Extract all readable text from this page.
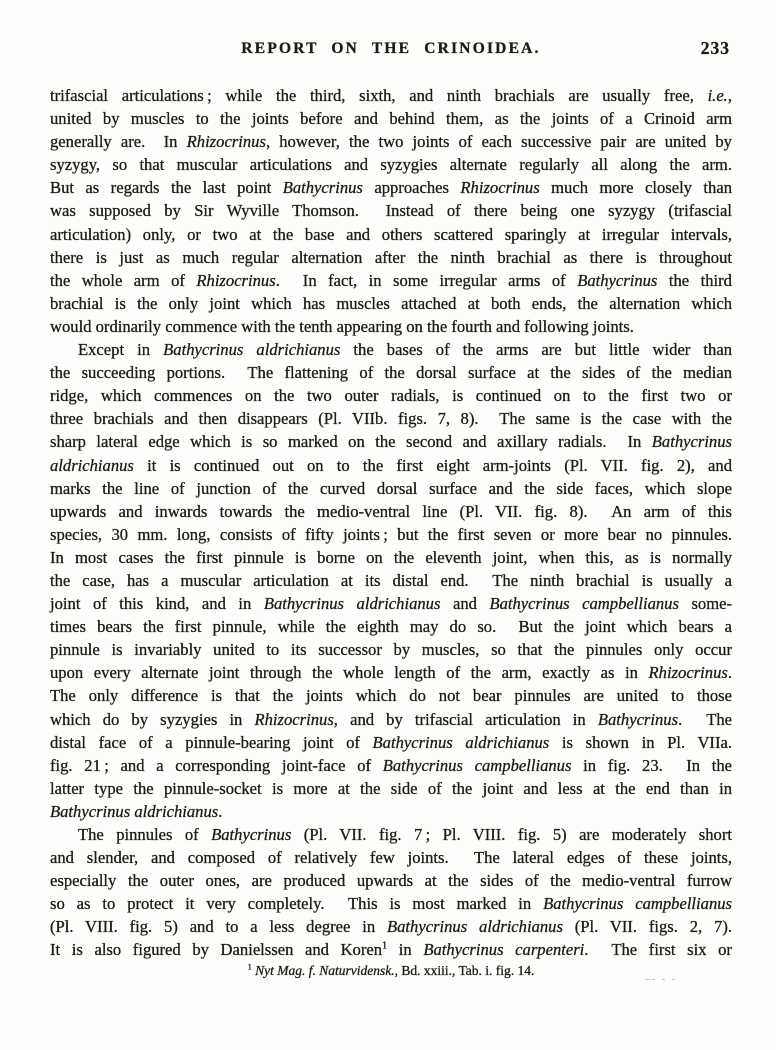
REPORT ON THE CRINOIDEA.	233
trifascial articulations ; while the third, sixth, and ninth brachials are usually free, i.e.,
united by muscles to the joints before and behind them, as the joints of a Crinoid arm
generally are.  In Rhizocrinus, however, the two joints of each successive pair are united by
syzygy, so that muscular articulations and syzygies alternate regularly all along the arm.
But as regards the last point Bathycrinus approaches Rhizocrinus much more closely than
was supposed by Sir Wyville Thomson.  Instead of there being one syzygy (trifascial
articulation) only, or two at the base and others scattered sparingly at irregular intervals,
there is just as much regular alternation after the ninth brachial as there is throughout
the whole arm of Rhizocrinus.  In fact, in some irregular arms of Bathycrinus the third
brachial is the only joint which has muscles attached at both ends, the alternation which
would ordinarily commence with the tenth appearing on the fourth and following joints.
Except in Bathycrinus aldrichianus the bases of the arms are but little wider than
the succeeding portions.  The flattening of the dorsal surface at the sides of the median
ridge, which commences on the two outer radials, is continued on to the first two or
three brachials and then disappears (Pl. VIIb. figs. 7, 8).  The same is the case with the
sharp lateral edge which is so marked on the second and axillary radials.  In Bathycrinus
aldrichianus it is continued out on to the first eight arm-joints (Pl. VII. fig. 2), and
marks the line of junction of the curved dorsal surface and the side faces, which slope
upwards and inwards towards the medio-ventral line (Pl. VII. fig. 8).  An arm of this
species, 30 mm. long, consists of fifty joints ; but the first seven or more bear no pinnules.
In most cases the first pinnule is borne on the eleventh joint, when this, as is normally
the case, has a muscular articulation at its distal end.  The ninth brachial is usually a
joint of this kind, and in Bathycrinus aldrichianus and Bathycrinus campbellianus some-
times bears the first pinnule, while the eighth may do so.  But the joint which bears a
pinnule is invariably united to its successor by muscles, so that the pinnules only occur
upon every alternate joint through the whole length of the arm, exactly as in Rhizocrinus.
The only difference is that the joints which do not bear pinnules are united to those
which do by syzygies in Rhizocrinus, and by trifascial articulation in Bathycrinus.  The
distal face of a pinnule-bearing joint of Bathycrinus aldrichianus is shown in Pl. VIIa.
fig. 21 ; and a corresponding joint-face of Bathycrinus campbellianus in fig. 23.  In the
latter type the pinnule-socket is more at the side of the joint and less at the end than in
Bathycrinus aldrichianus.
The pinnules of Bathycrinus (Pl. VII. fig. 7 ; Pl. VIII. fig. 5) are moderately short
and slender, and composed of relatively few joints.  The lateral edges of these joints,
especially the outer ones, are produced upwards at the sides of the medio-ventral furrow
so as to protect it very completely.  This is most marked in Bathycrinus campbellianus
(Pl. VIII. fig. 5) and to a less degree in Bathycrinus aldrichianus (Pl. VII. figs. 2, 7).
It is also figured by Danielssen and Koren$^1$ in Bathycrinus carpenteri.  The first six or
$^1$ Nyt Mag. f. Naturvidensk., Bd. xxiii., Tab. i. fig. 14.
–- - -
